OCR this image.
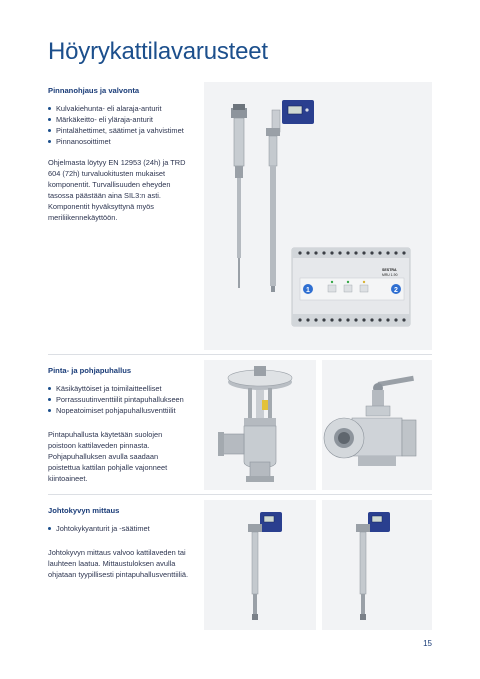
Höyrykattilavarusteet
Pinnanohjaus ja valvonta
Kulvakiehunta- eli alaraja-anturit
Märkäkeitto- eli yläraja-anturit
Pintalähettimet, säätimet ja vahvistimet
Pinnanosoittimet

Ohjelmasta löytyy EN 12953 (24h) ja TRD 604 (72h) turvaluokitusten mukaiset komponentit. Turvallisuuden eheyden tasossa päästään aina SIL3:n asti. Komponentit hyväksyttynä myös meriliikennekäyttöön.

1	2
SESTRA
MRU 1-90
Pinta- ja pohjapuhallus
Käsikäyttöiset ja toimilaitteelliset
Porrassuutinventtiilit pintapuhallukseen
Nopeatoimiset pohjapuhallusventtiilit

Pintapuhallusta käytetään suolojen poistoon kattilaveden pinnasta. Pohjapuhalluksen avulla saadaan poistettua kattilan pohjalle vajonneet kiintoaineet.

Johtokyvyn mittaus
Johtokykyanturit ja -säätimet

Johtokyvyn mittaus valvoo kattilaveden tai lauhteen laatua. Mittaustuloksen avulla ohjataan tyypillisesti pintapuhallusventtiiliä.

15
